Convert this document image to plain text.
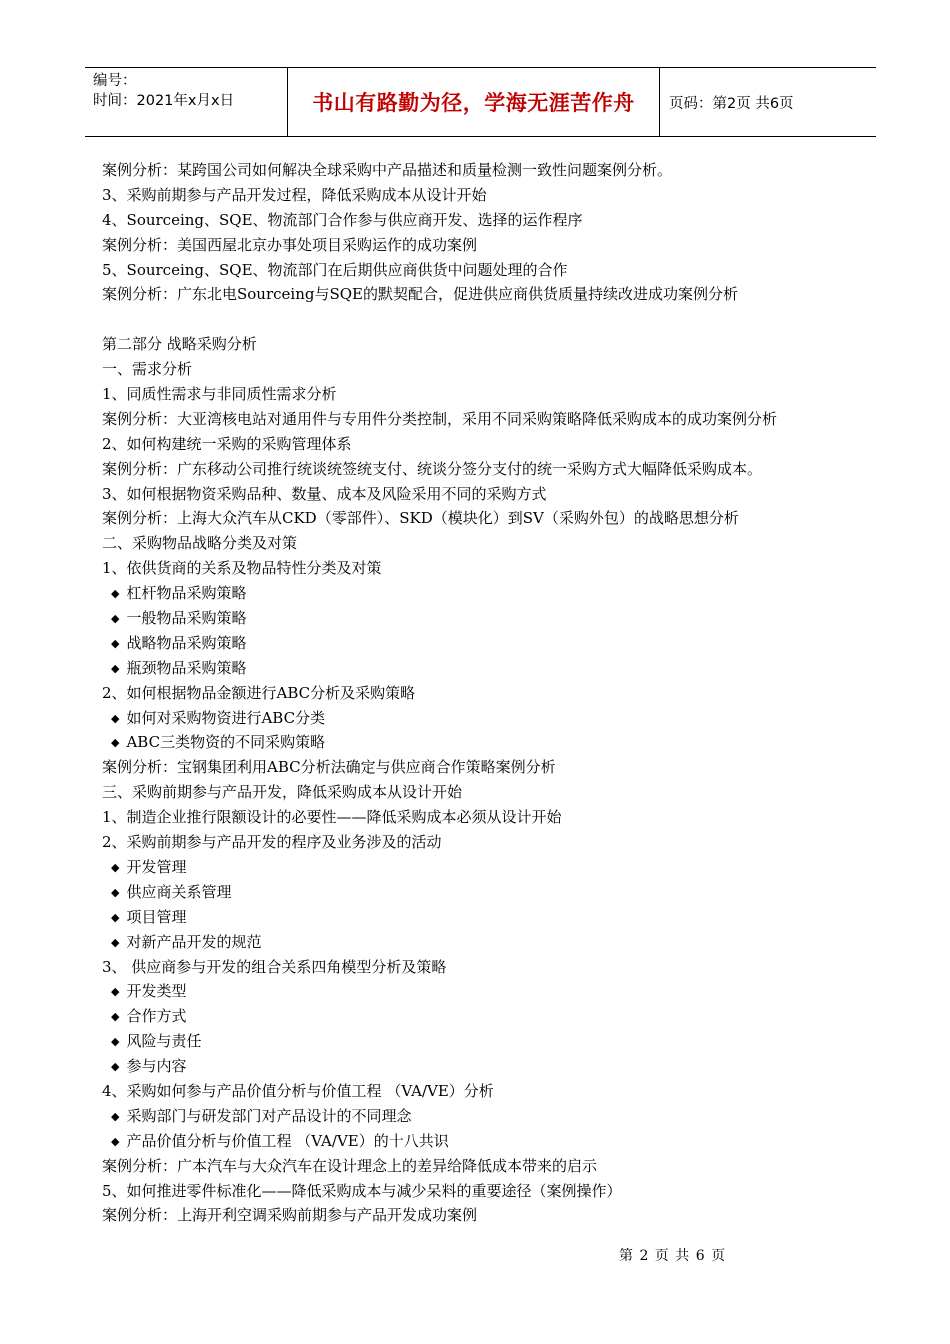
编号：
时间：2021年x月x日	书山有路勤为径，学海无涯苦作舟 页码：第2页 共6页
案例分析：某跨国公司如何解决全球采购中产品描述和质量检测一致性问题案例分析。
3、采购前期参与产品开发过程，降低采购成本从设计开始
4、Sourceing、SQE、物流部门合作参与供应商开发、选择的运作程序
案例分析：美国西屋北京办事处项目采购运作的成功案例
5、Sourceing、SQE、物流部门在后期供应商供货中问题处理的合作
案例分析：广东北电Sourceing与SQE的默契配合，促进供应商供货质量持续改进成功案例分析
第二部分 战略采购分析
一、需求分析
1、同质性需求与非同质性需求分析
案例分析：大亚湾核电站对通用件与专用件分类控制，采用不同采购策略降低采购成本的成功案例分析
2、如何构建统一采购的采购管理体系
案例分析：广东移动公司推行统谈统签统支付、统谈分签分支付的统一采购方式大幅降低采购成本。
3、如何根据物资采购品种、数量、成本及风险采用不同的采购方式
案例分析：上海大众汽车从CKD（零部件）、SKD（模块化）到SV（采购外包）的战略思想分析
二、采购物品战略分类及对策
1、依供货商的关系及物品特性分类及对策
◆ 杠杆物品采购策略
◆ 一般物品采购策略
◆ 战略物品采购策略
◆ 瓶颈物品采购策略
2、如何根据物品金额进行ABC分析及采购策略
◆ 如何对采购物资进行ABC分类
◆ ABC三类物资的不同采购策略
案例分析：宝钢集团利用ABC分析法确定与供应商合作策略案例分析
三、采购前期参与产品开发，降低采购成本从设计开始
1、制造企业推行限额设计的必要性——降低采购成本必须从设计开始
2、采购前期参与产品开发的程序及业务涉及的活动
◆ 开发管理
◆ 供应商关系管理
◆ 项目管理
◆ 对新产品开发的规范
3、 供应商参与开发的组合关系四角模型分析及策略
◆ 开发类型
◆ 合作方式
◆ 风险与责任
◆ 参与内容
4、采购如何参与产品价值分析与价值工程 （VA/VE）分析
◆ 采购部门与研发部门对产品设计的不同理念
◆ 产品价值分析与价值工程 （VA/VE）的十八共识
案例分析：广本汽车与大众汽车在设计理念上的差异给降低成本带来的启示
5、如何推进零件标准化——降低采购成本与减少呆料的重要途径（案例操作）
案例分析：上海开利空调采购前期参与产品开发成功案例
第 2 页 共 6 页
